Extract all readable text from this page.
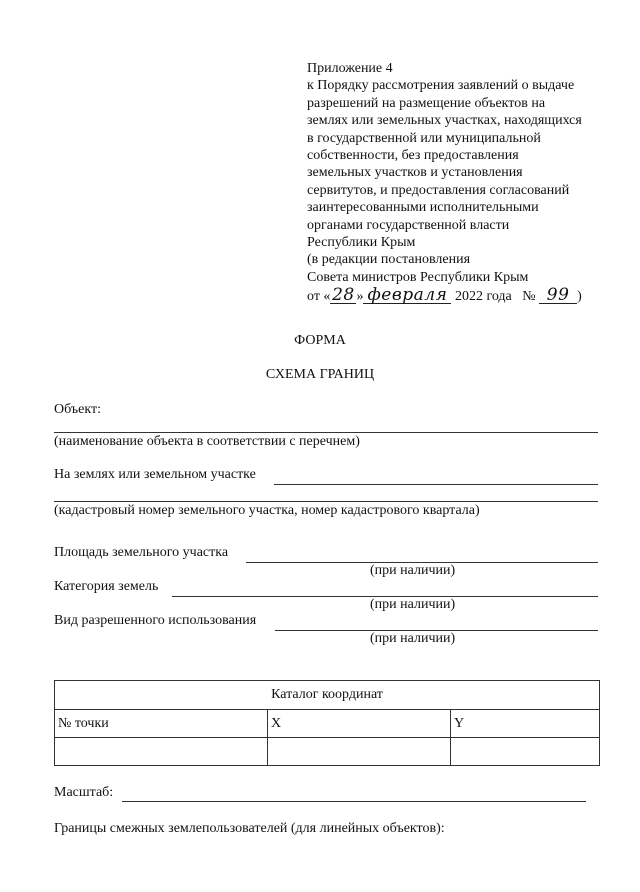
Приложение 4
к Порядку рассмотрения заявлений о выдаче
разрешений на размещение объектов на
землях или земельных участках, находящихся
в государственной или муниципальной
собственности, без предоставления
земельных участков и установления
сервитутов, и предоставления согласований
заинтересованными исполнительными
органами государственной власти
Республики Крым
(в редакции постановления
Совета министров Республики Крым
от «28 » февраля 2022 года № 99 )
ФОРМА
СХЕМА ГРАНИЦ
Объект:
(наименование объекта в соответствии с перечнем)
На землях или земельном участке
(кадастровый номер земельного участка, номер кадастрового квартала)
Площадь земельного участка
(при наличии)
Категория земель
(при наличии)
Вид разрешенного использования
(при наличии)
Каталог координат		
№ точки	X	Y

Масштаб:
Границы смежных землепользователей (для линейных объектов):
